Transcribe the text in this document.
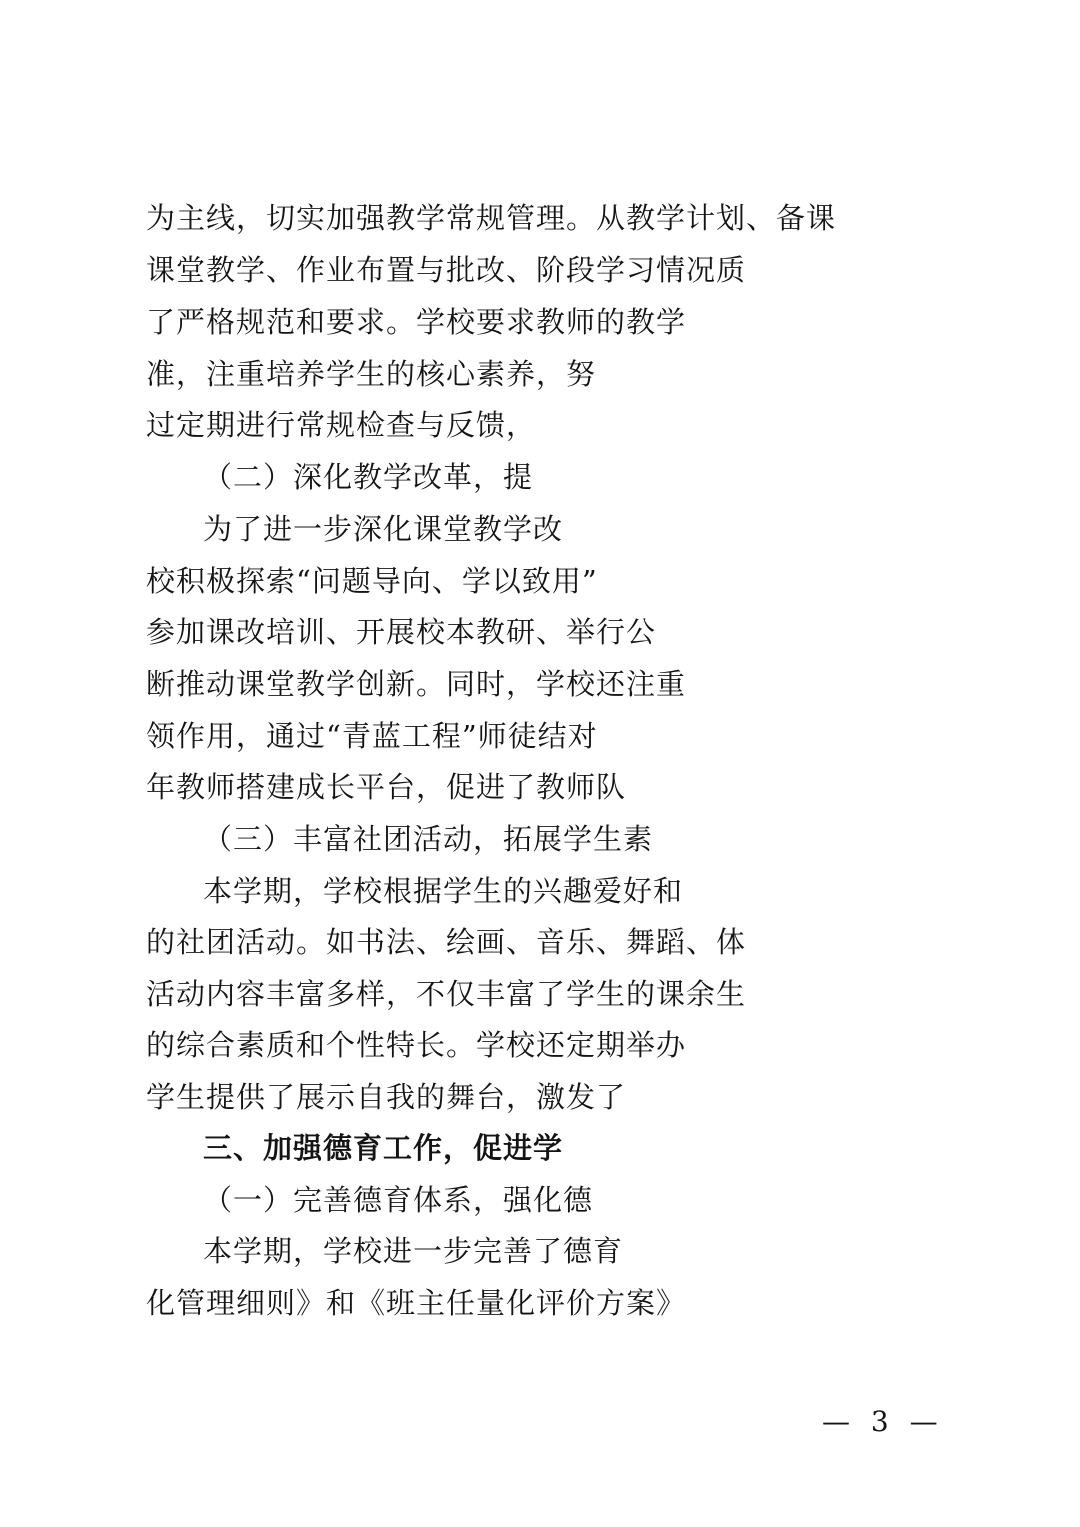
为主线，切实加强教学常规管理。从教学计划、备课
课堂教学、作业布置与批改、阶段学习情况质
了严格规范和要求。学校要求教师的教学
准，注重培养学生的核心素养，努
过定期进行常规检查与反馈，
（二）深化教学改革，提
为了进一步深化课堂教学改
校积极探索“问题导向、学以致用”
参加课改培训、开展校本教研、举行公
断推动课堂教学创新。同时，学校还注重
领作用，通过“青蓝工程”师徒结对
年教师搭建成长平台，促进了教师队
（三）丰富社团活动，拓展学生素
本学期，学校根据学生的兴趣爱好和
的社团活动。如书法、绘画、音乐、舞蹈、体
活动内容丰富多样，不仅丰富了学生的课余生
的综合素质和个性特长。学校还定期举办
学生提供了展示自我的舞台，激发了
三、加强德育工作，促进学
（一）完善德育体系，强化德
本学期，学校进一步完善了德育
化管理细则》和《班主任量化评价方案》
— 3 —
